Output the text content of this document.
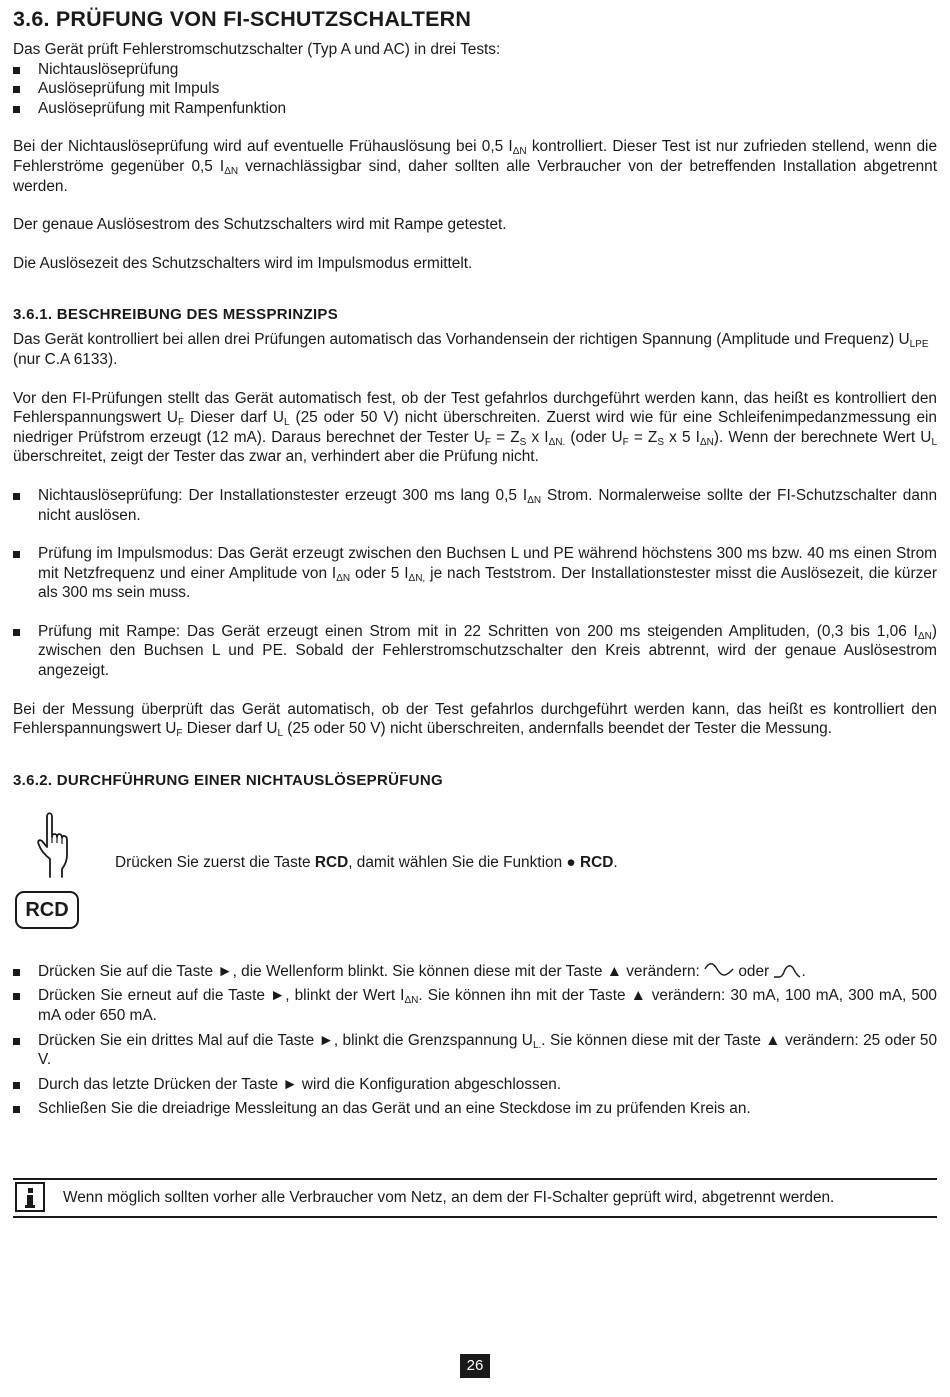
3.6. PRÜFUNG VON FI-SCHUTZSCHALTERN

Das Gerät prüft Fehlerstromschutzschalter (Typ A und AC) in drei Tests:

Nichtauslöseprüfung
Auslöseprüfung mit Impuls
Auslöseprüfung mit Rampenfunktion

Bei der Nichtauslöseprüfung wird auf eventuelle Frühauslösung bei 0,5 $I_{\Delta N}$ kontrolliert. Dieser Test ist nur zufrieden stellend, wenn die Fehlerströme gegenüber 0,5 $I_{\Delta N}$ vernachlässigbar sind, daher sollten alle Verbraucher von der betreffenden Installation abgetrennt werden.

Der genaue Auslösestrom des Schutzschalters wird mit Rampe getestet.

Die Auslösezeit des Schutzschalters wird im Impulsmodus ermittelt.

3.6.1. BESCHREIBUNG DES MESSPRINZIPS

Das Gerät kontrolliert bei allen drei Prüfungen automatisch das Vorhandensein der richtigen Spannung (Amplitude und Frequenz) $U_{LPE}$ (nur C.A 6133).

Vor den FI-Prüfungen stellt das Gerät automatisch fest, ob der Test gefahrlos durchgeführt werden kann, das heißt es kontrolliert den Fehlerspannungswert $U_F$ Dieser darf $U_L$ (25 oder 50 V) nicht überschreiten. Zuerst wird wie für eine Schleifenimpedanzmessung ein niedriger Prüfstrom erzeugt (12 mA). Daraus berechnet der Tester $U_F = Z_S$ x $I_{\Delta N.}$ (oder $U_F = Z_S$ x 5 $I_{\Delta N}$). Wenn der berechnete Wert $U_L$ überschreitet, zeigt der Tester das zwar an, verhindert aber die Prüfung nicht.

Nichtauslöseprüfung: Der Installationstester erzeugt 300 ms lang 0,5 $I_{\Delta N}$ Strom. Normalerweise sollte der FI-Schutzschalter dann nicht auslösen.
Prüfung im Impulsmodus: Das Gerät erzeugt zwischen den Buchsen L und PE während höchstens 300 ms bzw. 40 ms einen Strom mit Netzfrequenz und einer Amplitude von $I_{\Delta N}$ oder 5 $I_{\Delta N,}$ je nach Teststrom. Der Installationstester misst die Auslösezeit, die kürzer als 300 ms sein muss.
Prüfung mit Rampe: Das Gerät erzeugt einen Strom mit in 22 Schritten von 200 ms steigenden Amplituden, (0,3 bis 1,06 $I_{\Delta N}$) zwischen den Buchsen L und PE. Sobald der Fehlerstromschutzschalter den Kreis abtrennt, wird der genaue Auslösestrom angezeigt.

Bei der Messung überprüft das Gerät automatisch, ob der Test gefahrlos durchgeführt werden kann, das heißt es kontrolliert den Fehlerspannungswert $U_F$ Dieser darf $U_L$ (25 oder 50 V) nicht überschreiten, andernfalls beendet der Tester die Messung.

3.6.2. DURCHFÜHRUNG EINER NICHTAUSLÖSEPRÜFUNG
RCD

Drücken Sie zuerst die Taste RCD, damit wählen Sie die Funktion ● RCD.

Drücken Sie auf die Taste ►, die Wellenform blinkt. Sie können diese mit der Taste ▲ verändern:  oder .
Drücken Sie erneut auf die Taste ►, blinkt der Wert $I_{\Delta N}$. Sie können ihn mit der Taste ▲ verändern: 30 mA, 100 mA, 300 mA, 500 mA oder 650 mA.
Drücken Sie ein drittes Mal auf die Taste ►, blinkt die Grenzspannung $U_{L.}$. Sie können diese mit der Taste ▲ verändern: 25 oder 50 V.
Durch das letzte Drücken der Taste ► wird die Konfiguration abgeschlossen.
Schließen Sie die dreiadrige Messleitung an das Gerät und an eine Steckdose im zu prüfenden Kreis an.
Wenn möglich sollten vorher alle Verbraucher vom Netz, an dem der FI-Schalter geprüft wird, abgetrennt werden.
26
